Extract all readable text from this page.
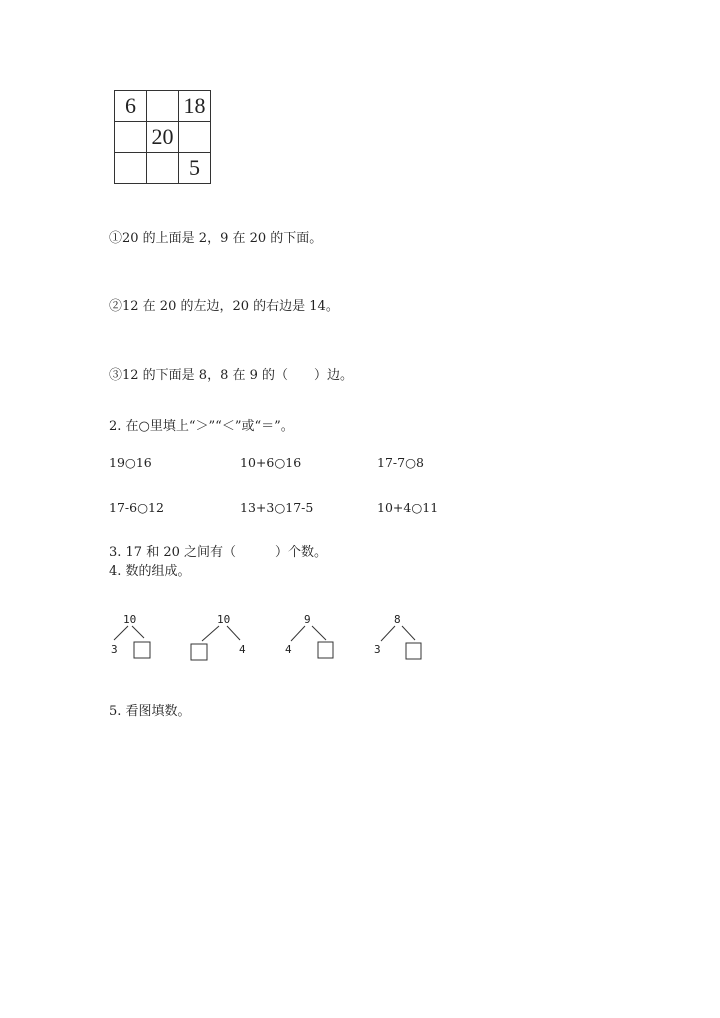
6		18
	20	
		5
①20 的上面是 2，9 在 20 的下面。
②12 在 20 的左边，20 的右边是 14。
③12 的下面是 8，8 在 9 的（　　）边。
2. 在○里填上“＞”“＜”或“＝”。
19○16	10+6○16	17-7○8
17-6○12	13+3○17-5	10+4○11
3. 17 和 20 之间有（　　　）个数。
4. 数的组成。
10
3
10
4
9
4
8
3
5. 看图填数。
